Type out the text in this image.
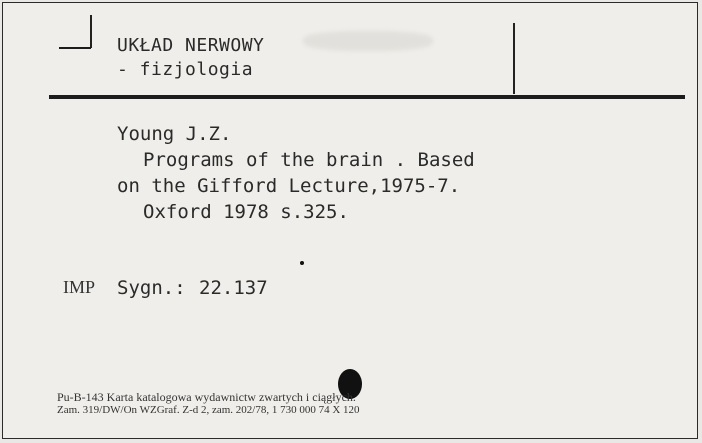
UKŁAD NERWOWY
- fizjologia
Young J.Z.
Programs of the brain . Based
on the Gifford Lecture,1975-7.
Oxford 1978 s.325.
IMP Sygn.: 22.137
Pu-B-143 Karta katalogowa wydawnictw zwartych i ciągłych.
Zam. 319/DW/On WZGraf. Z-d 2, zam. 202/78, 1 730 000 74 X 120
